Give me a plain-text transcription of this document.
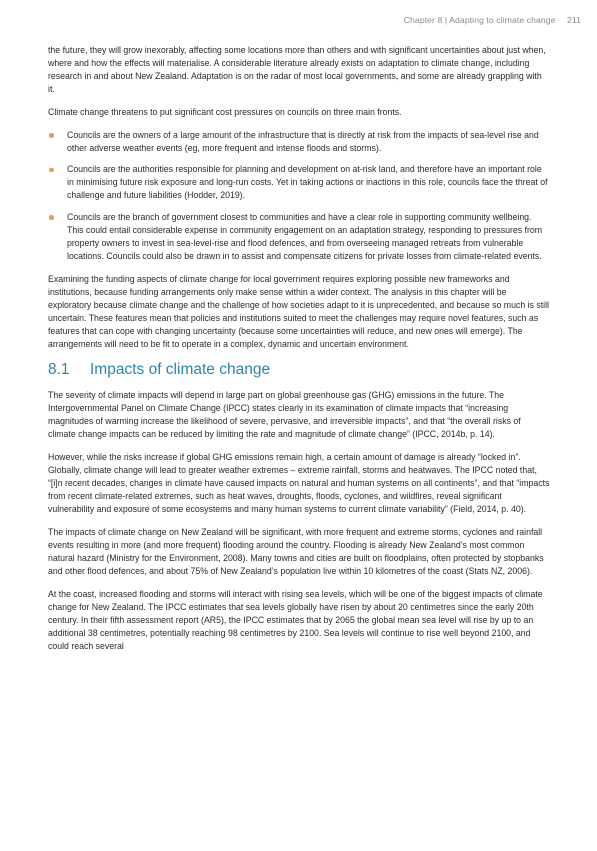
Chapter 8 | Adapting to climate change 211

the future, they will grow inexorably, affecting some locations more than others and with significant uncertainties about just when, where and how the effects will materialise. A considerable literature already exists on adaptation to climate change, including research in and about New Zealand. Adaptation is on the radar of most local governments, and some are already grappling with it.

Climate change threatens to put significant cost pressures on councils on three main fronts.

Councils are the owners of a large amount of the infrastructure that is directly at risk from the impacts of sea-level rise and other adverse weather events (eg, more frequent and intense floods and storms).
Councils are the authorities responsible for planning and development on at-risk land, and therefore have an important role in minimising future risk exposure and long-run costs. Yet in taking actions or inactions in this role, councils face the threat of challenge and future liabilities (Hodder, 2019).
Councils are the branch of government closest to communities and have a clear role in supporting community wellbeing. This could entail considerable expense in community engagement on an adaptation strategy, responding to pressures from property owners to invest in sea-level-rise and flood defences, and from overseeing managed retreats from vulnerable locations. Councils could also be drawn in to assist and compensate citizens for private losses from climate-related events.

Examining the funding aspects of climate change for local government requires exploring possible new frameworks and institutions, because funding arrangements only make sense within a wider context. The analysis in this chapter will be exploratory because climate change and the challenge of how societies adapt to it is unprecedented, and because so much is still uncertain. These features mean that policies and institutions suited to meet the challenges may require novel features, such as features that can cope with changing uncertainty (because some uncertainties will reduce, and new ones will emerge). The arrangements will need to be fit to operate in a complex, dynamic and uncertain environment.

8.1 Impacts of climate change

The severity of climate impacts will depend in large part on global greenhouse gas (GHG) emissions in the future. The Intergovernmental Panel on Climate Change (IPCC) states clearly in its examination of climate impacts that “increasing magnitudes of warming increase the likelihood of severe, pervasive, and irreversible impacts”, and that “the overall risks of climate change impacts can be reduced by limiting the rate and magnitude of climate change” (IPCC, 2014b, p. 14).

However, while the risks increase if global GHG emissions remain high, a certain amount of damage is already “locked in”. Globally, climate change will lead to greater weather extremes – extreme rainfall, storms and heatwaves. The IPCC noted that, “[i]n recent decades, changes in climate have caused impacts on natural and human systems on all continents”, and that “impacts from recent climate-related extremes, such as heat waves, droughts, floods, cyclones, and wildfires, reveal significant vulnerability and exposure of some ecosystems and many human systems to current climate variability” (Field, 2014, p. 40).

The impacts of climate change on New Zealand will be significant, with more frequent and extreme storms, cyclones and rainfall events resulting in more (and more frequent) flooding around the country. Flooding is already New Zealand’s most common natural hazard (Ministry for the Environment, 2008). Many towns and cities are built on floodplains, often protected by stopbanks and other flood defences, and about 75% of New Zealand’s population live within 10 kilometres of the coast (Stats NZ, 2006).

At the coast, increased flooding and storms will interact with rising sea levels, which will be one of the biggest impacts of climate change for New Zealand. The IPCC estimates that sea levels globally have risen by about 20 centimetres since the early 20th century. In their fifth assessment report (AR5), the IPCC estimates that by 2065 the global mean sea level will rise by up to an additional 38 centimetres, potentially reaching 98 centimetres by 2100. Sea levels will continue to rise well beyond 2100, and could reach several
